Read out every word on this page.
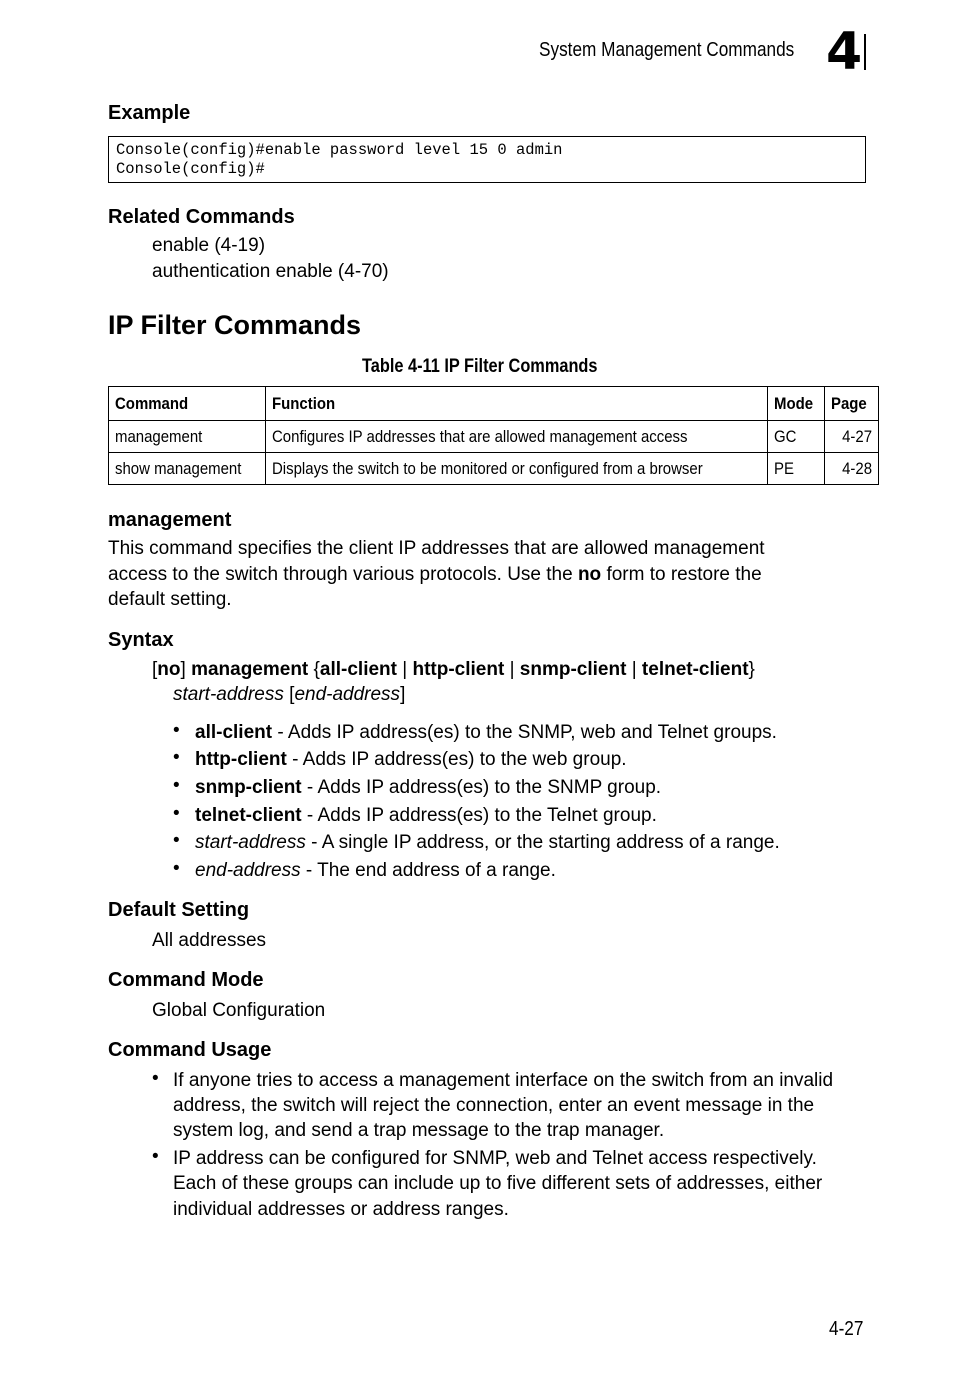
System Management Commands 4
Example
Console(config)#enable password level 15 0 admin
Console(config)#
Related Commands
enable (4-19)
authentication enable (4-70)
IP Filter Commands
Table 4-11 IP Filter Commands
Command	Function	Mode	Page
management	Configures IP addresses that are allowed management access	GC	4-27
show management	Displays the switch to be monitored or configured from a browser	PE	4-28
management
This command specifies the client IP addresses that are allowed management
access to the switch through various protocols. Use the no form to restore the
default setting.
Syntax
[no] management {all-client | http-client | snmp-client | telnet-client}
start-address [end-address]
• all-client - Adds IP address(es) to the SNMP, web and Telnet groups.
• http-client - Adds IP address(es) to the web group.
• snmp-client - Adds IP address(es) to the SNMP group.
• telnet-client - Adds IP address(es) to the Telnet group.
• start-address - A single IP address, or the starting address of a range.
• end-address - The end address of a range.
Default Setting
All addresses
Command Mode
Global Configuration
Command Usage
• If anyone tries to access a management interface on the switch from an invalid
address, the switch will reject the connection, enter an event message in the
system log, and send a trap message to the trap manager.
• IP address can be configured for SNMP, web and Telnet access respectively.
Each of these groups can include up to five different sets of addresses, either
individual addresses or address ranges.
4-27
